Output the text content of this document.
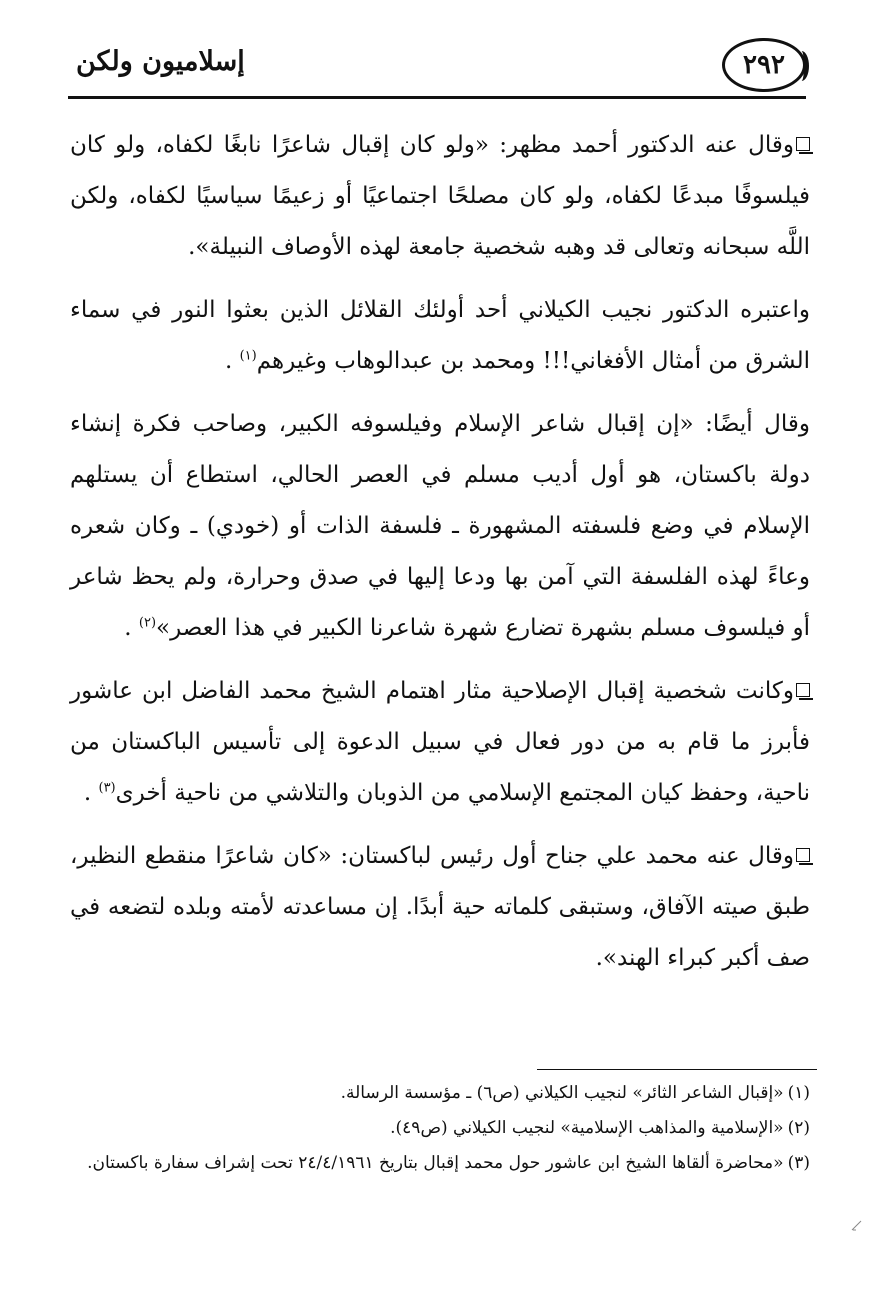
٢٩٢
إسلاميون ولكن

وقال عنه الدكتور أحمد مظهر: «ولو كان إقبال شاعرًا نابغًا لكفاه، ولو كان فيلسوفًا مبدعًا لكفاه، ولو كان مصلحًا اجتماعيًا أو زعيمًا سياسيًا لكفاه، ولكن اللَّه سبحانه وتعالى قد وهبه شخصية جامعة لهذه الأوصاف النبيلة».

واعتبره الدكتور نجيب الكيلاني أحد أولئك القلائل الذين بعثوا النور في سماء الشرق من أمثال الأفغاني!!! ومحمد بن عبدالوهاب وغيرهم$^{(١)}$ .

وقال أيضًا: «إن إقبال شاعر الإسلام وفيلسوفه الكبير، وصاحب فكرة إنشاء دولة باكستان، هو أول أديب مسلم في العصر الحالي، استطاع أن يستلهم الإسلام في وضع فلسفته المشهورة ـ فلسفة الذات أو (خودي) ـ وكان شعره وعاءً لهذه الفلسفة التي آمن بها ودعا إليها في صدق وحرارة، ولم يحظ شاعر أو فيلسوف مسلم بشهرة تضارع شهرة شاعرنا الكبير في هذا العصر»$^{(٢)}$ .

وكانت شخصية إقبال الإصلاحية مثار اهتمام الشيخ محمد الفاضل ابن عاشور فأبرز ما قام به من دور فعال في سبيل الدعوة إلى تأسيس الباكستان من ناحية، وحفظ كيان المجتمع الإسلامي من الذوبان والتلاشي من ناحية أخرى$^{(٣)}$ .

وقال عنه محمد علي جناح أول رئيس لباكستان: «كان شاعرًا منقطع النظير، طبق صيته الآفاق، وستبقى كلماته حية أبدًا. إن مساعدته لأمته وبلده لتضعه في صف أكبر كبراء الهند».

(١)«إقبال الشاعر الثائر» لنجيب الكيلاني (ص٦) ـ مؤسسة الرسالة.

(٢)«الإسلامية والمذاهب الإسلامية» لنجيب الكيلاني (ص٤٩).

(٣)«محاضرة ألقاها الشيخ ابن عاشور حول محمد إقبال بتاريخ ٢٤/٤/١٩٦١ تحت إشراف سفارة باكستان.
